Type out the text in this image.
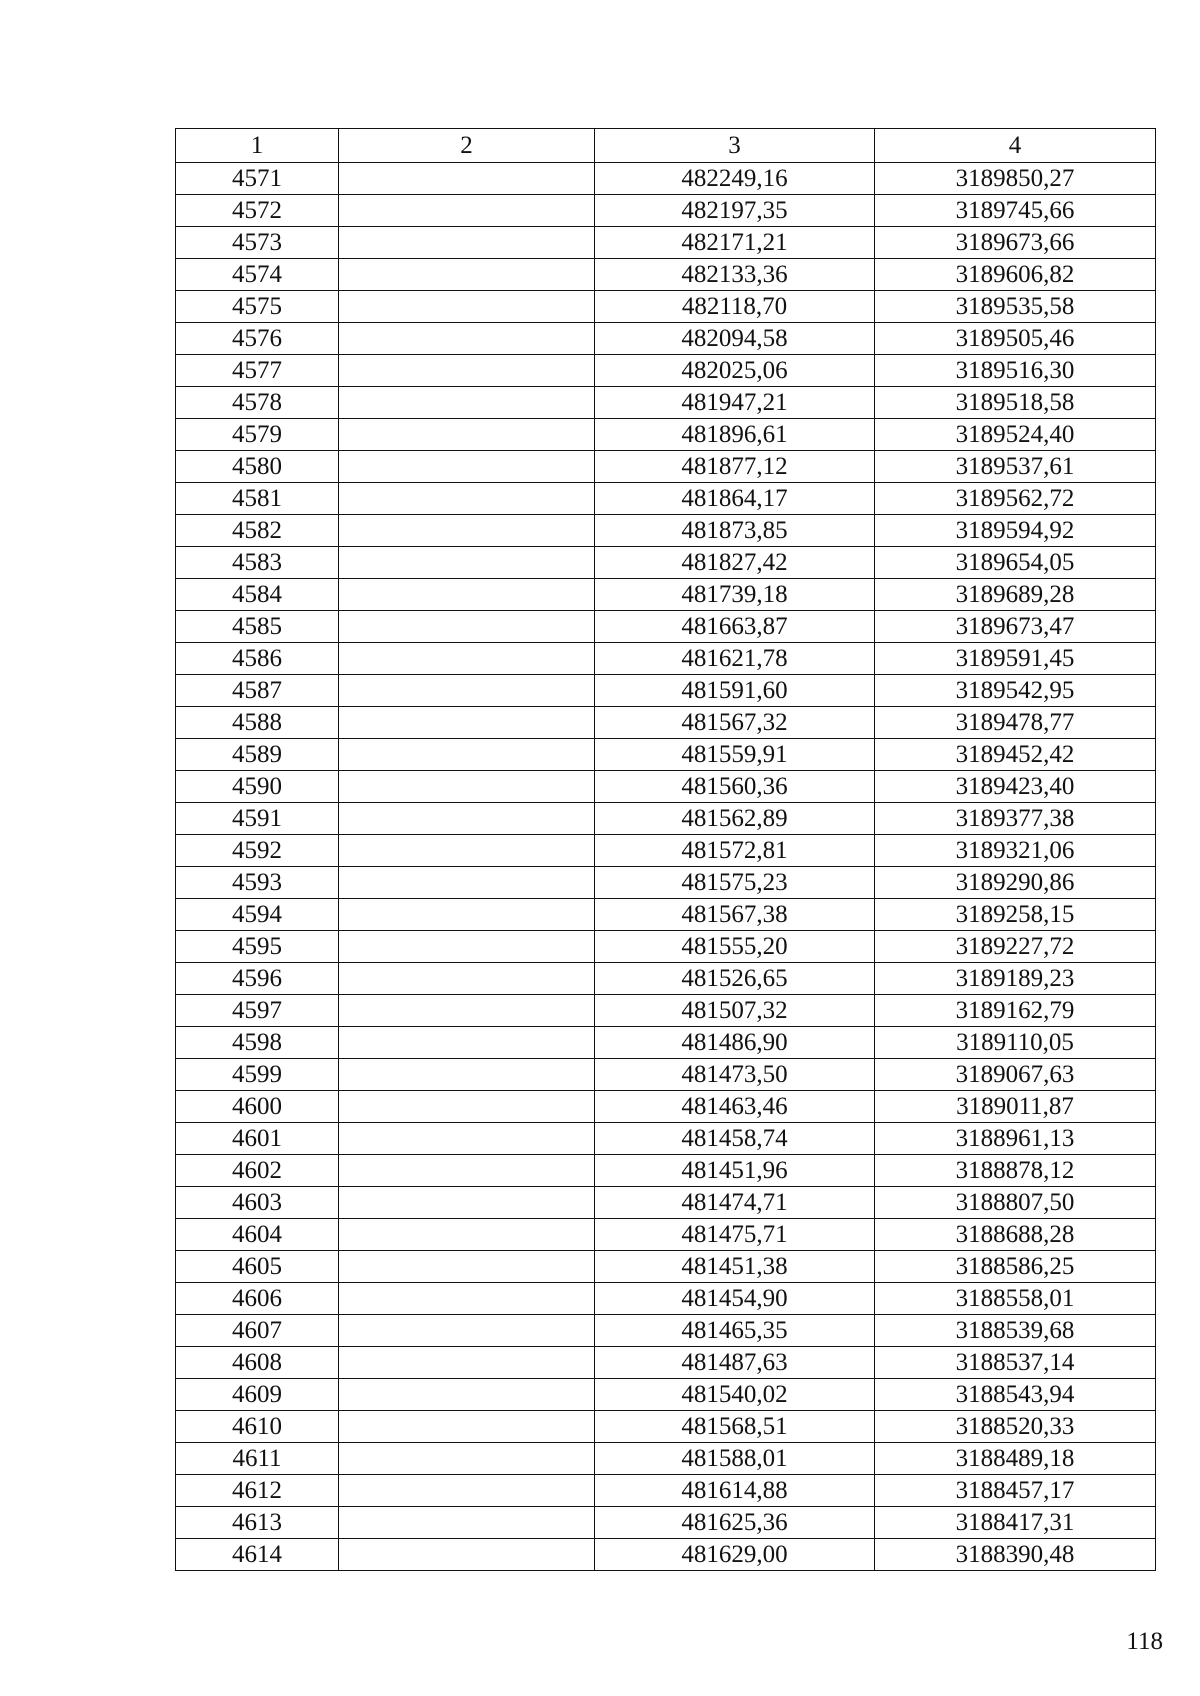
1	2	3	4
4571		482249,16	3189850,27
4572		482197,35	3189745,66
4573		482171,21	3189673,66
4574		482133,36	3189606,82
4575		482118,70	3189535,58
4576		482094,58	3189505,46
4577		482025,06	3189516,30
4578		481947,21	3189518,58
4579		481896,61	3189524,40
4580		481877,12	3189537,61
4581		481864,17	3189562,72
4582		481873,85	3189594,92
4583		481827,42	3189654,05
4584		481739,18	3189689,28
4585		481663,87	3189673,47
4586		481621,78	3189591,45
4587		481591,60	3189542,95
4588		481567,32	3189478,77
4589		481559,91	3189452,42
4590		481560,36	3189423,40
4591		481562,89	3189377,38
4592		481572,81	3189321,06
4593		481575,23	3189290,86
4594		481567,38	3189258,15
4595		481555,20	3189227,72
4596		481526,65	3189189,23
4597		481507,32	3189162,79
4598		481486,90	3189110,05
4599		481473,50	3189067,63
4600		481463,46	3189011,87
4601		481458,74	3188961,13
4602		481451,96	3188878,12
4603		481474,71	3188807,50
4604		481475,71	3188688,28
4605		481451,38	3188586,25
4606		481454,90	3188558,01
4607		481465,35	3188539,68
4608		481487,63	3188537,14
4609		481540,02	3188543,94
4610		481568,51	3188520,33
4611		481588,01	3188489,18
4612		481614,88	3188457,17
4613		481625,36	3188417,31
4614		481629,00	3188390,48
118
